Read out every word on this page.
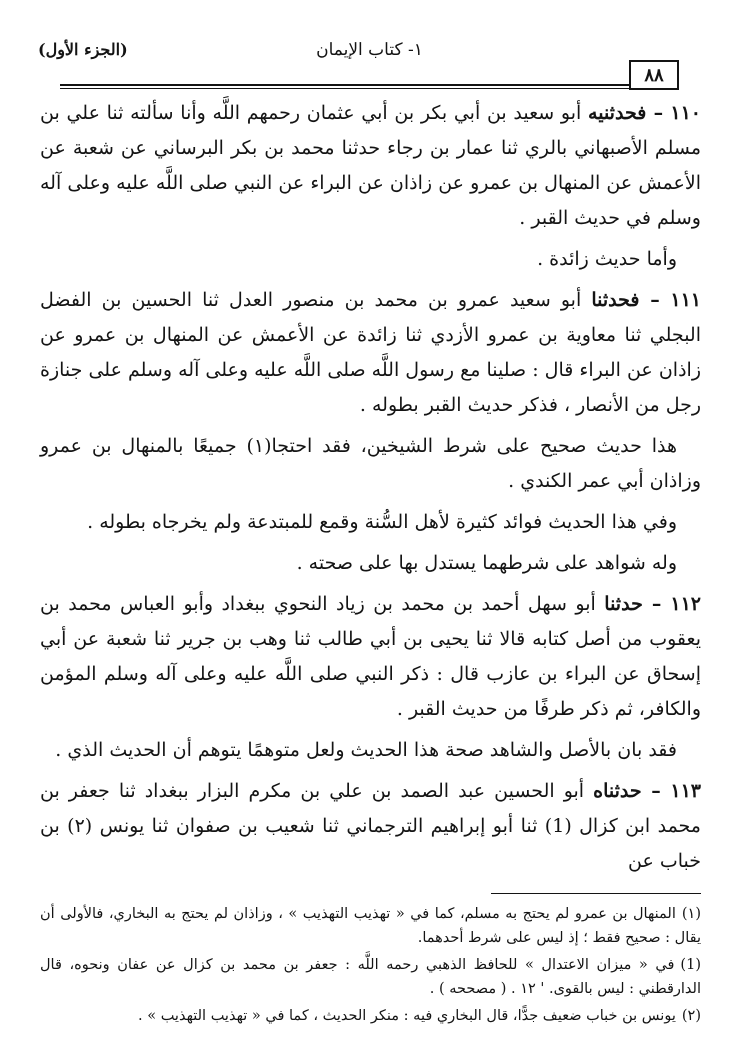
٨٨
١- كتاب الإيمان
(الجزء الأول)

١١٠ – فحدثنيه أبو سعيد بن أبي بكر بن أبي عثمان رحمهم اللَّه وأنا سألته ثنا علي بن مسلم الأصبهاني بالري ثنا عمار بن رجاء حدثنا محمد بن بكر البرساني عن شعبة عن الأعمش عن المنهال بن عمرو عن زاذان عن البراء عن النبي صلى اللَّه عليه وعلى آله وسلم في حديث القبر .

وأما حديث زائدة .

١١١ – فحدثنا أبو سعيد عمرو بن محمد بن منصور العدل ثنا الحسين بن الفضل البجلي ثنا معاوية بن عمرو الأزدي ثنا زائدة عن الأعمش عن المنهال بن عمرو عن زاذان عن البراء قال : صلينا مع رسول اللَّه صلى اللَّه عليه وعلى آله وسلم على جنازة رجل من الأنصار ، فذكر حديث القبر بطوله .

هذا حديث صحيح على شرط الشيخين، فقد احتجا(١) جميعًا بالمنهال بن عمرو وزاذان أبي عمر الكندي .

وفي هذا الحديث فوائد كثيرة لأهل السُّنة وقمع للمبتدعة ولم يخرجاه بطوله .

وله شواهد على شرطهما يستدل بها على صحته .

١١٢ – حدثنا أبو سهل أحمد بن محمد بن زياد النحوي ببغداد وأبو العباس محمد بن يعقوب من أصل كتابه قالا ثنا يحيى بن أبي طالب ثنا وهب بن جرير ثنا شعبة عن أبي إسحاق عن البراء بن عازب قال : ذكر النبي صلى اللَّه عليه وعلى آله وسلم المؤمن والكافر، ثم ذكر طرفًا من حديث القبر .

فقد بان بالأصل والشاهد صحة هذا الحديث ولعل متوهمًا يتوهم أن الحديث الذي .

١١٣ – حدثناه أبو الحسين عبد الصمد بن علي بن مكرم البزار ببغداد ثنا جعفر بن محمد ابن كزال (1) ثنا أبو إبراهيم الترجماني ثنا شعيب بن صفوان ثنا يونس (٢) بن خباب عن

(١)المنهال بن عمرو لم يحتج به مسلم، كما في « تهذيب التهذيب » ، وزاذان لم يحتج به البخاري، فالأولى أن يقال : صحيح فقط ؛ إذ ليس على شرط أحدهما.
(1)في « ميزان الاعتدال » للحافظ الذهبي رحمه اللَّه : جعفر بن محمد بن كزال عن عفان ونحوه، قال الدارقطني : ليس بالقوى. ' ١٢ . ( مصححه ) .
(٢)يونس بن خباب ضعيف جدًّا، قال البخاري فيه : منكر الحديث ، كما في « تهذيب التهذيب » .
